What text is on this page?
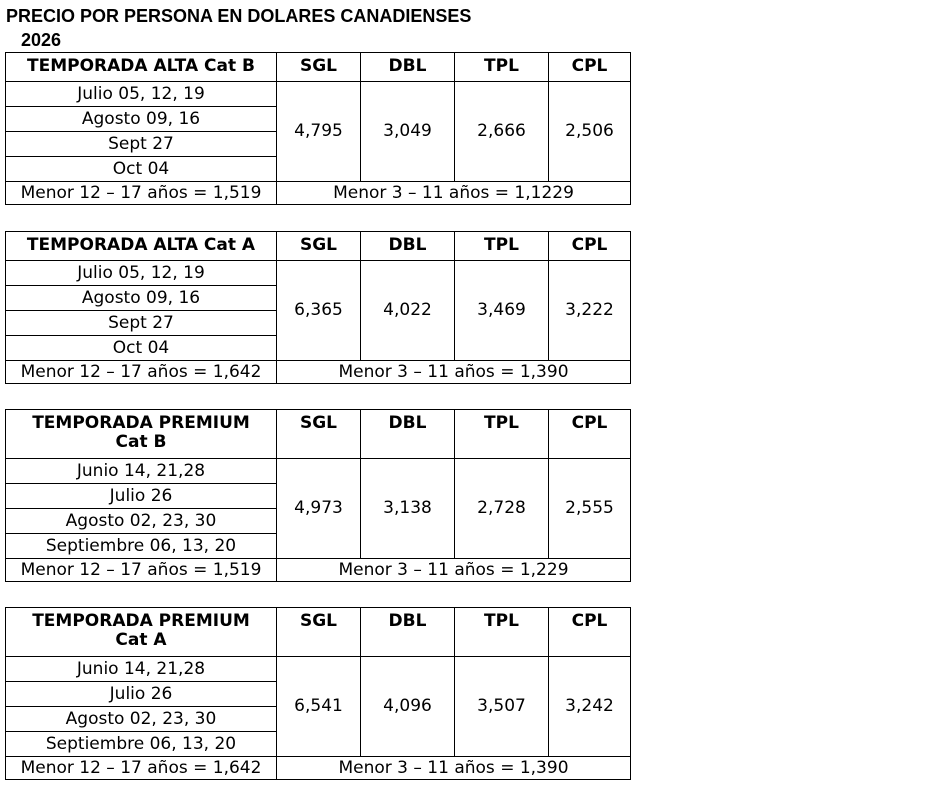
PRECIO POR PERSONA EN DOLARES CANADIENSES
2026
TEMPORADA ALTA Cat B	SGL	DBL	TPL	CPL
Julio 05, 12, 19	4,795	3,049	2,666	2,506
Agosto 09, 16				
Sept 27				
Oct 04				
Menor 12 – 17 años = 1,519	Menor 3 – 11 años = 1,1229			
TEMPORADA ALTA Cat A	SGL	DBL	TPL	CPL
Julio 05, 12, 19	6,365	4,022	3,469	3,222
Agosto 09, 16				
Sept 27				
Oct 04				
Menor 12 – 17 años = 1,642	Menor 3 – 11 años = 1,390			
TEMPORADA PREMIUM
Cat B	SGL	DBL	TPL	CPL
Junio 14, 21,28	4,973	3,138	2,728	2,555
Julio 26				
Agosto 02, 23, 30				
Septiembre 06, 13, 20				
Menor 12 – 17 años = 1,519	Menor 3 – 11 años = 1,229			
TEMPORADA PREMIUM
Cat A	SGL	DBL	TPL	CPL
Junio 14, 21,28	6,541	4,096	3,507	3,242
Julio 26				
Agosto 02, 23, 30				
Septiembre 06, 13, 20				
Menor 12 – 17 años = 1,642	Menor 3 – 11 años = 1,390			
